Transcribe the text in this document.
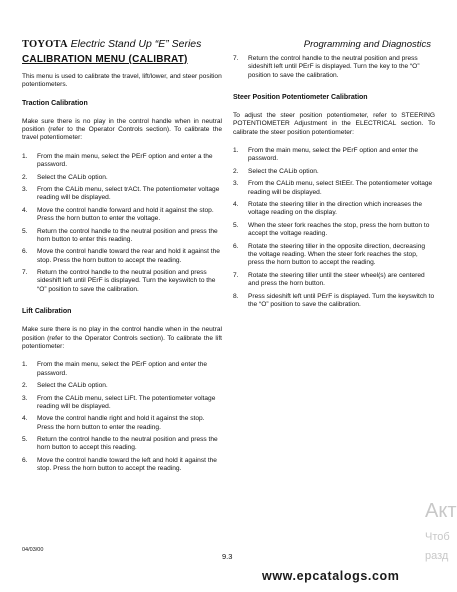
TOYOTA Electric Stand Up “E” Series	Programming and Diagnostics
CALIBRATION MENU (CALIBRAT)

This menu is used to calibrate the travel, lift/lower, and steer position potentiometers.

Traction Calibration

Make sure there is no play in the control handle when in neutral position (refer to the Operator Controls section). To calibrate the travel potentiometer:

1. From the main menu, select the PErF option and enter a the password.
2. Select the CALib option.
3. From the CALib menu, select trACt. The potentiometer voltage reading will be displayed.
4. Move the control handle forward and hold it against the stop. Press the horn button to enter the voltage.
5. Return the control handle to the neutral position and press the horn button to enter this reading.
6. Move the control handle toward the rear and hold it against the stop. Press the horn button to accept the reading.
7. Return the control handle to the neutral position and press sideshift left until PErF is displayed. Turn the keyswitch to the “O” position to save the calibration.
Lift Calibration

Make sure there is no play in the control handle when in the neutral position (refer to the Operator Controls section). To calibrate the lift potentiometer:

1. From the main menu, select the PErF option and enter the password.
2. Select the CALib option.
3. From the CALib menu, select LiFt. The potentiometer voltage reading will be displayed.
4. Move the control handle right and hold it against the stop. Press the horn button to enter the reading.
5. Return the control handle to the neutral position and press the horn button to accept this reading.
6. Move the control handle toward the left and hold it against the stop. Press the horn button to accept the reading.
7. Return the control handle to the neutral position and press sideshift left until PErF is displayed. Turn the key to the “O” position to save the calibration.
Steer Position Potentiometer Calibration

To adjust the steer position potentiometer, refer to STEERING POTENTIOMETER Adjustment in the ELECTRICAL section. To calibrate the steer position potentiometer:

1. From the main menu, select the PErF option and enter the password.
2. Select the CALib option.
3. From the CALib menu, select StEEr. The potentiometer voltage reading will be displayed.
4. Rotate the steering tiller in the direction which increases the voltage reading on the display.
5. When the steer fork reaches the stop, press the horn button to accept the voltage reading.
6. Rotate the steering tiller in the opposite direction, decreasing the voltage reading. When the steer fork reaches the stop, press the horn button to accept the reading.
7. Rotate the steering tiller until the steer wheel(s) are centered and press the horn button.
8. Press sideshift left until PErF is displayed. Turn the keyswitch to the “O” position to save the calibration.
04/03/00
9.3
Акт
Чтоб
разд
www.epcatalogs.com
